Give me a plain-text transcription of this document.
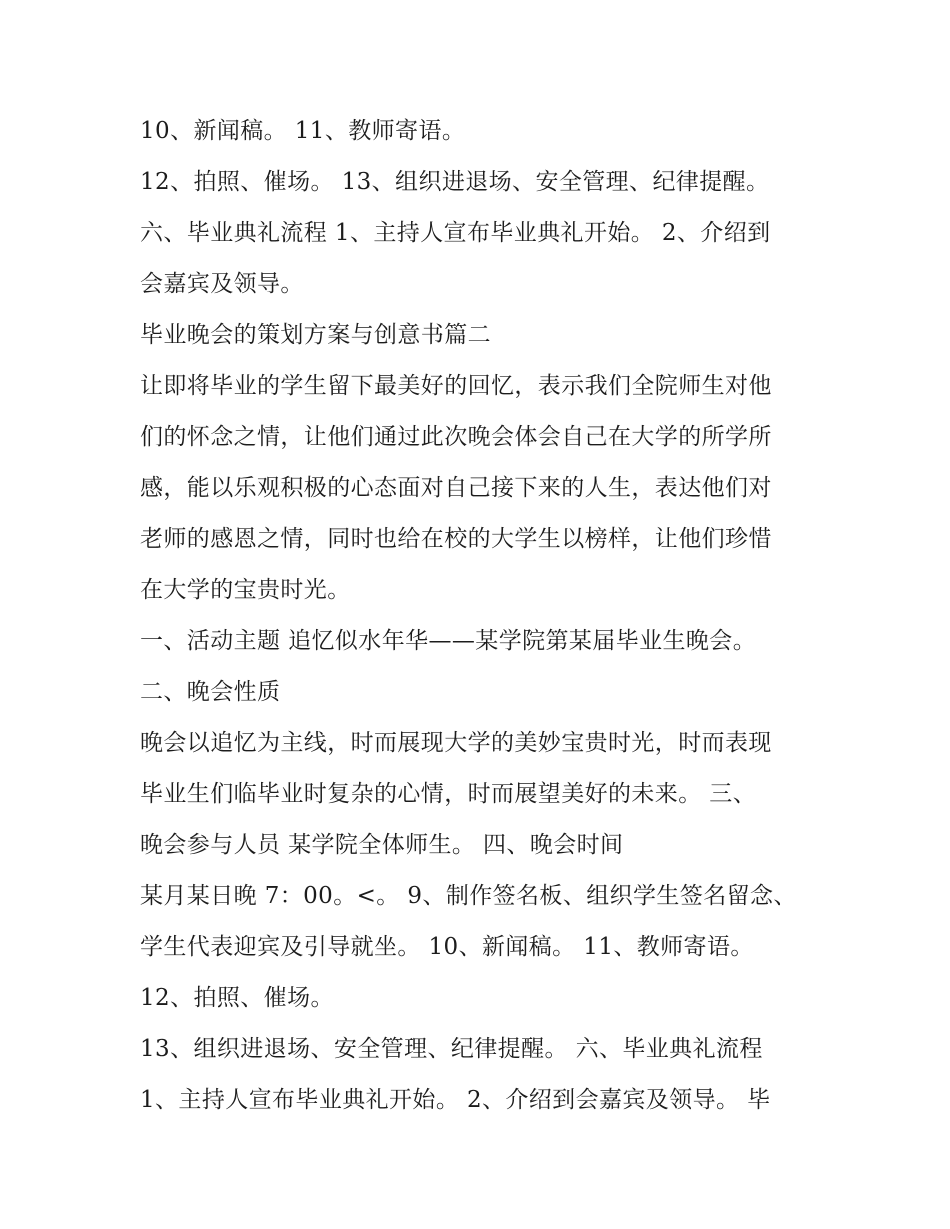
10、新闻稿。 11、教师寄语。
12、拍照、催场。 13、组织进退场、安全管理、纪律提醒。
六、毕业典礼流程 1、主持人宣布毕业典礼开始。 2、介绍到
会嘉宾及领导。
毕业晚会的策划方案与创意书篇二
让即将毕业的学生留下最美好的回忆，表示我们全院师生对他
们的怀念之情，让他们通过此次晚会体会自己在大学的所学所
感，能以乐观积极的心态面对自己接下来的人生，表达他们对
老师的感恩之情，同时也给在校的大学生以榜样，让他们珍惜
在大学的宝贵时光。
一、活动主题 追忆似水年华——某学院第某届毕业生晚会。
二、晚会性质
晚会以追忆为主线，时而展现大学的美妙宝贵时光，时而表现
毕业生们临毕业时复杂的心情，时而展望美好的未来。 三、
晚会参与人员 某学院全体师生。 四、晚会时间
某月某日晚 7：00。<。 9、制作签名板、组织学生签名留念、
学生代表迎宾及引导就坐。 10、新闻稿。 11、教师寄语。
12、拍照、催场。
13、组织进退场、安全管理、纪律提醒。 六、毕业典礼流程
1、主持人宣布毕业典礼开始。 2、介绍到会嘉宾及领导。 毕
